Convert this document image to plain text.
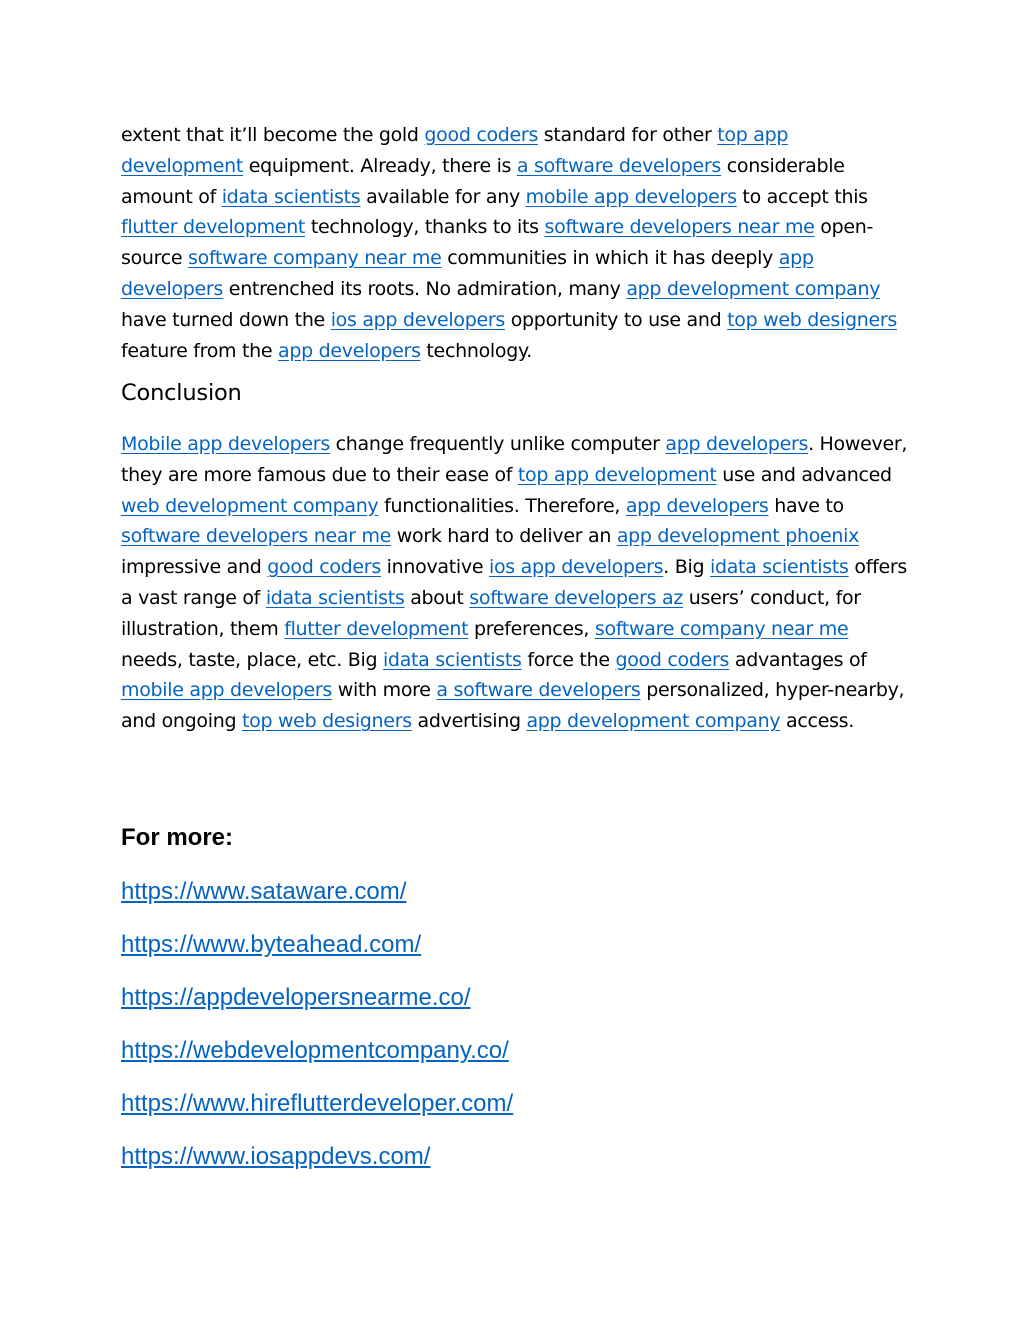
extent that it’ll become the gold good coders standard for other top app development equipment. Already, there is a software developers considerable amount of idata scientists available for any mobile app developers to accept this flutter development technology, thanks to its software developers near me open-source software company near me communities in which it has deeply app developers entrenched its roots. No admiration, many app development company have turned down the ios app developers opportunity to use and top web designers feature from the app developers technology.

Conclusion

Mobile app developers change frequently unlike computer app developers. However, they are more famous due to their ease of top app development use and advanced web development company functionalities. Therefore, app developers have to software developers near me work hard to deliver an app development phoenix impressive and good coders innovative ios app developers. Big idata scientists offers a vast range of idata scientists about software developers az users’ conduct, for illustration, them flutter development preferences, software company near me needs, taste, place, etc. Big idata scientists force the good coders advantages of mobile app developers with more a software developers personalized, hyper-nearby, and ongoing top web designers advertising app development company access.

For more:
https://www.sataware.com/
https://www.byteahead.com/
https://appdevelopersnearme.co/
https://webdevelopmentcompany.co/
https://www.hireflutterdeveloper.com/
https://www.iosappdevs.com/
